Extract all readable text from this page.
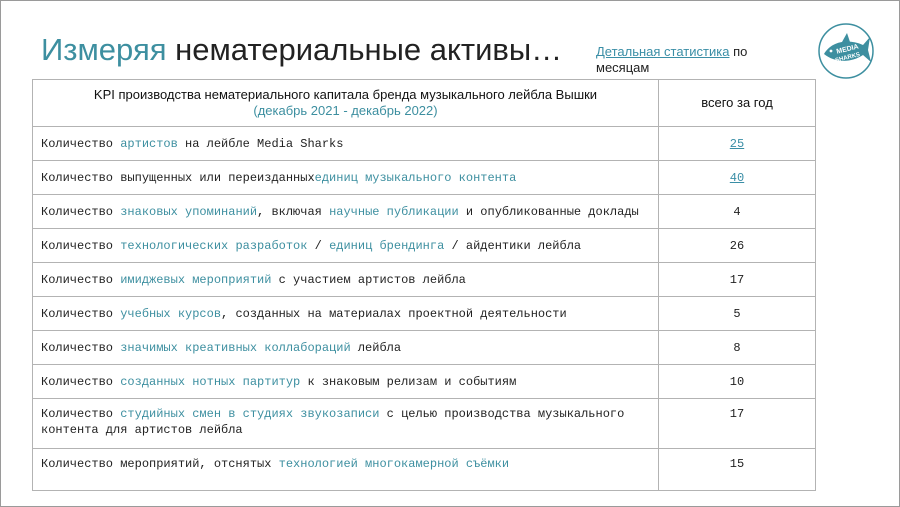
Измеряя нематериальные активы…	Детальная статистика по месяцам
MEDIA
SHARKS
KPI производства нематериального капитала бренда музыкального лейбла Вышки
(декабрь 2021 - декабрь 2022)	всего за год
Количество артистов на лейбле Media Sharks	25
Количество выпущенных или переизданныхединиц музыкального контента	40
Количество знаковых упоминаний, включая научные публикации и опубликованные доклады	4
Количество технологических разработок / единиц брендинга / айдентики лейбла	26
Количество имиджевых мероприятий с участием артистов лейбла	17
Количество учебных курсов, созданных на материалах проектной деятельности	5
Количество значимых креативных коллабораций лейбла	8
Количество созданных нотных партитур к знаковым релизам и событиям	10
Количество студийных смен в студиях звукозаписи с целью производства музыкального контента для артистов лейбла	17
Количество мероприятий, отснятых технологией многокамерной съёмки	15
